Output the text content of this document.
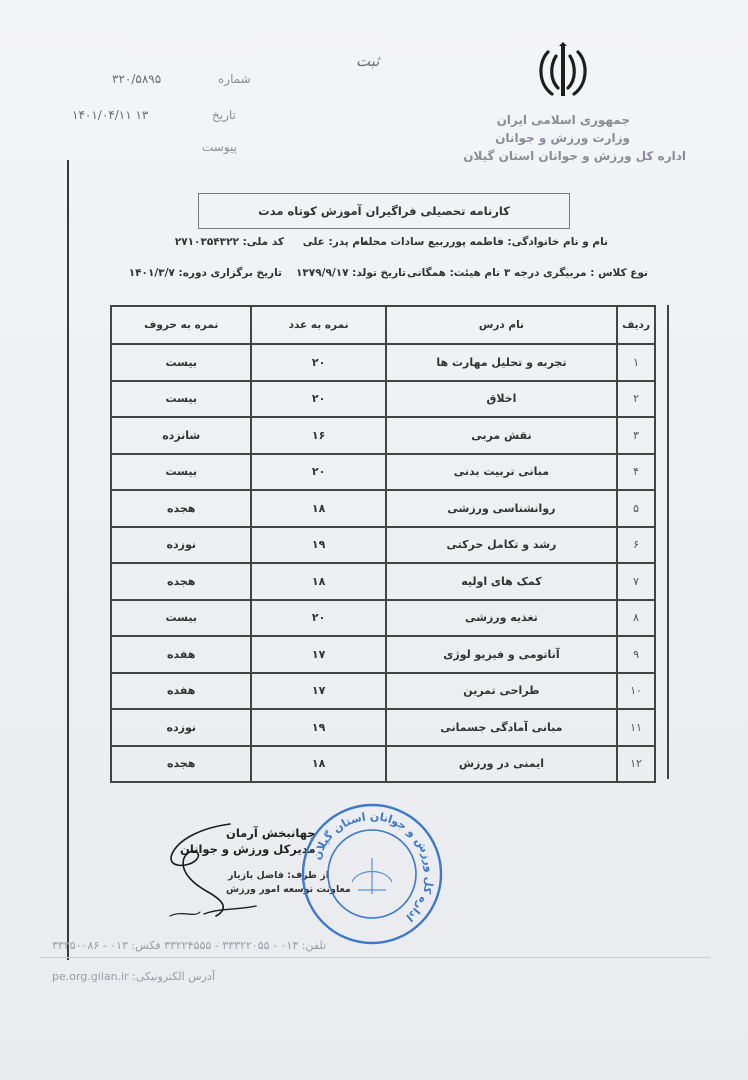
جمهوری اسلامی ایران
وزارت ورزش و جوانان
اداره کل ورزش و جوانان استان گیلان
ثبت
شماره
۳۲۰/۵۸۹۵
تاریخ
۱۴۰۱/۰۴/۱۱ ۱۳
پیوست
کارنامه تحصیلی فراگیران آموزش کوتاه مدت
نام و نام خانوادگی: فاطمه پورربیع سادات محله
نام پدر: علی
کد ملی: ۲۷۱۰۳۵۴۳۲۲
نوع کلاس : مربیگری درجه ۳
نام هیئت: همگانی
تاریخ تولد: ۱۳۷۹/۹/۱۷
تاریخ برگزاری دوره: ۱۴۰۱/۳/۷
ردیف	نام درس	نمره به عدد	نمره به حروف
۱	تجربه و تحلیل مهارت ها	۲۰	بیست
۲	اخلاق	۲۰	بیست
۳	نقش مربی	۱۶	شانزده
۴	مبانی تربیت بدنی	۲۰	بیست
۵	روانشناسی ورزشی	۱۸	هجده
۶	رشد و تکامل حرکتی	۱۹	نوزده
۷	کمک های اولیه	۱۸	هجده
۸	تغذیه ورزشی	۲۰	بیست
۹	آناتومی و فیزیو لوژی	۱۷	هفده
۱۰	طراحی تمرین	۱۷	هفده
۱۱	مبانی آمادگی جسمانی	۱۹	نوزده
۱۲	ایمنی در ورزش	۱۸	هجده
جهانبخش آرمان
مدیرکل ورزش و جوانان
از طرف: فاضل بازیار
معاونت توسعه امور ورزش
اداره کل ورزش و جوانان استان گیلان
تلفن: ۰۱۳ - ۳۳۳۲۲۰۵۵ - ۳۳۲۲۴۵۵۵ فکس: ۰۱۳ - ۳۳۳۵۰۰۸۶
pe.org.gilan.ir آدرس الکترونیکی:
